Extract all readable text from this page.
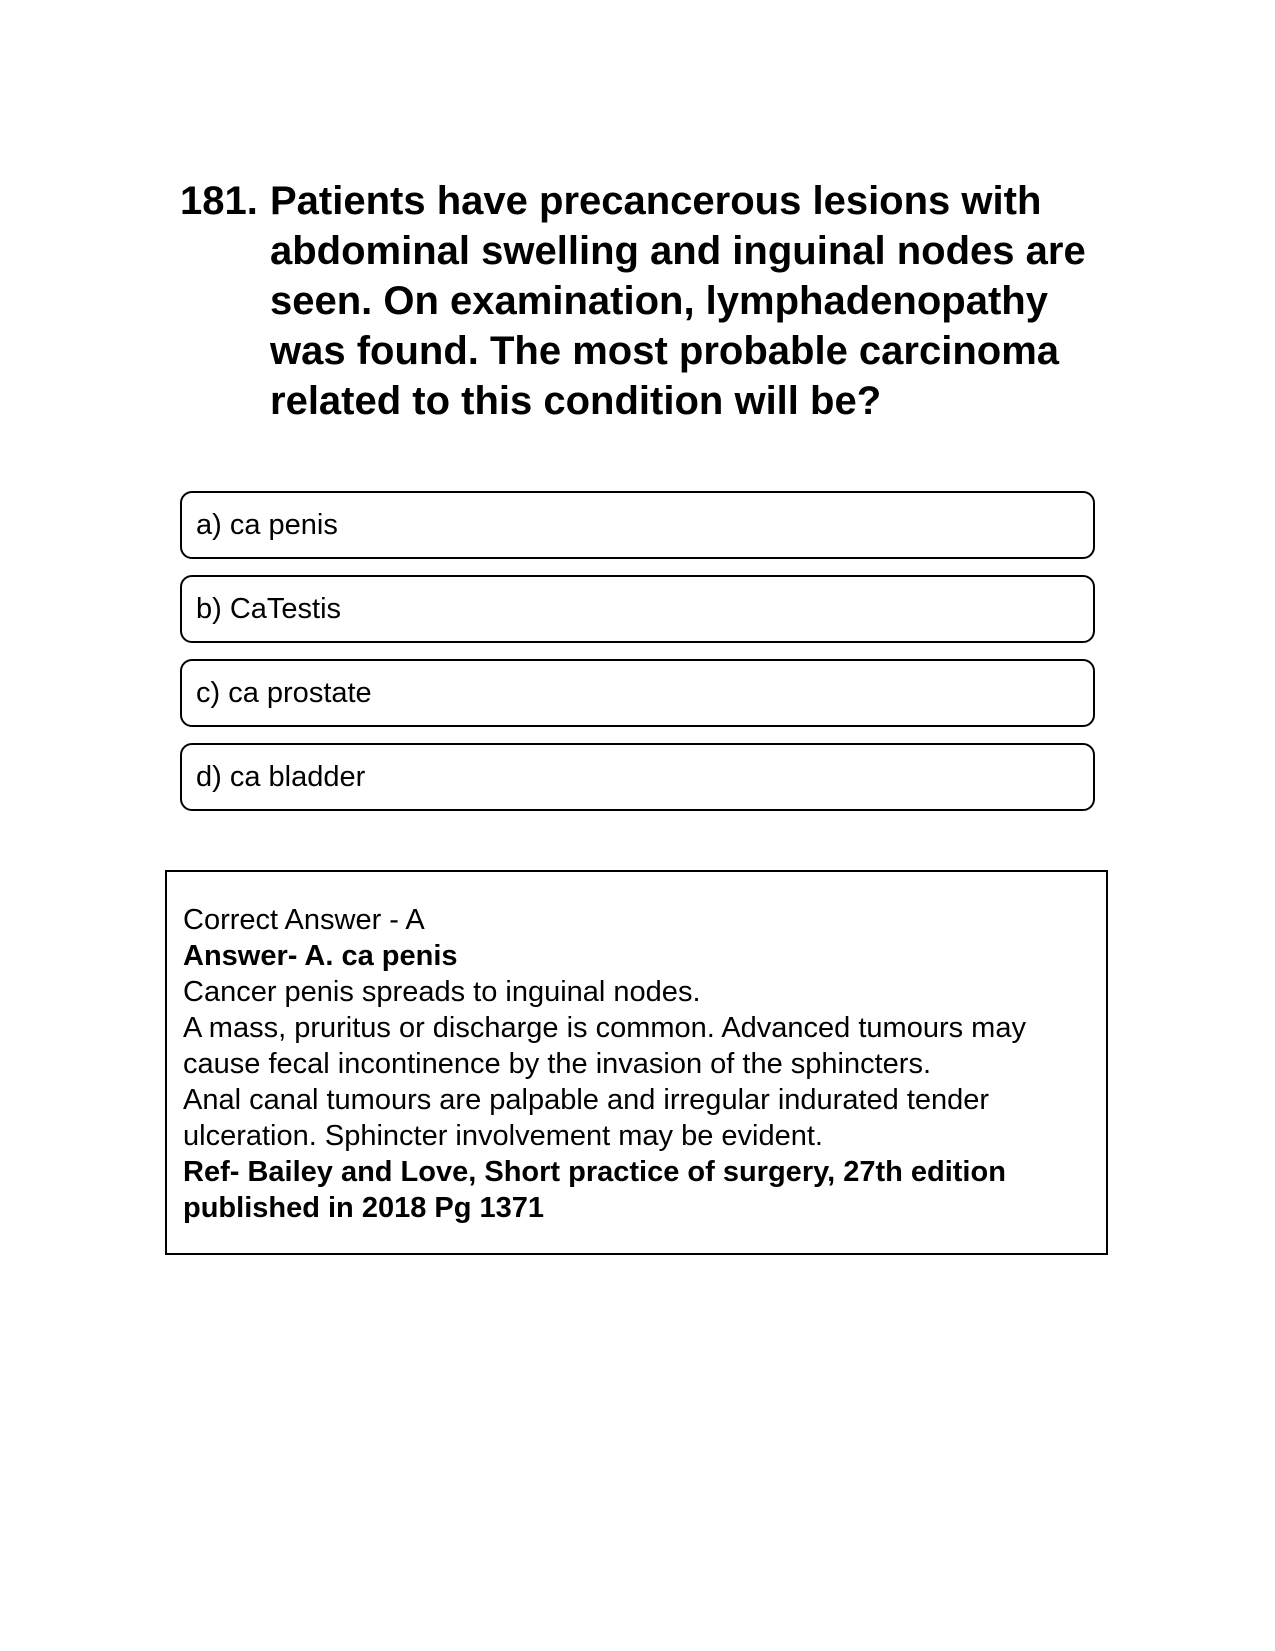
181. Patients have precancerous lesions with abdominal swelling and inguinal nodes are seen. On examination, lymphadenopathy was found. The most probable carcinoma related to this condition will be?
a) ca penis
b) CaTestis
c) ca prostate
d) ca bladder
Correct Answer - A
Answer- A. ca penis
Cancer penis spreads to inguinal nodes.
A mass, pruritus or discharge is common. Advanced tumours may cause fecal incontinence by the invasion of the sphincters.
Anal canal tumours are palpable and irregular indurated tender ulceration. Sphincter involvement may be evident.
Ref- Bailey and Love, Short practice of surgery, 27th edition published in 2018 Pg 1371
